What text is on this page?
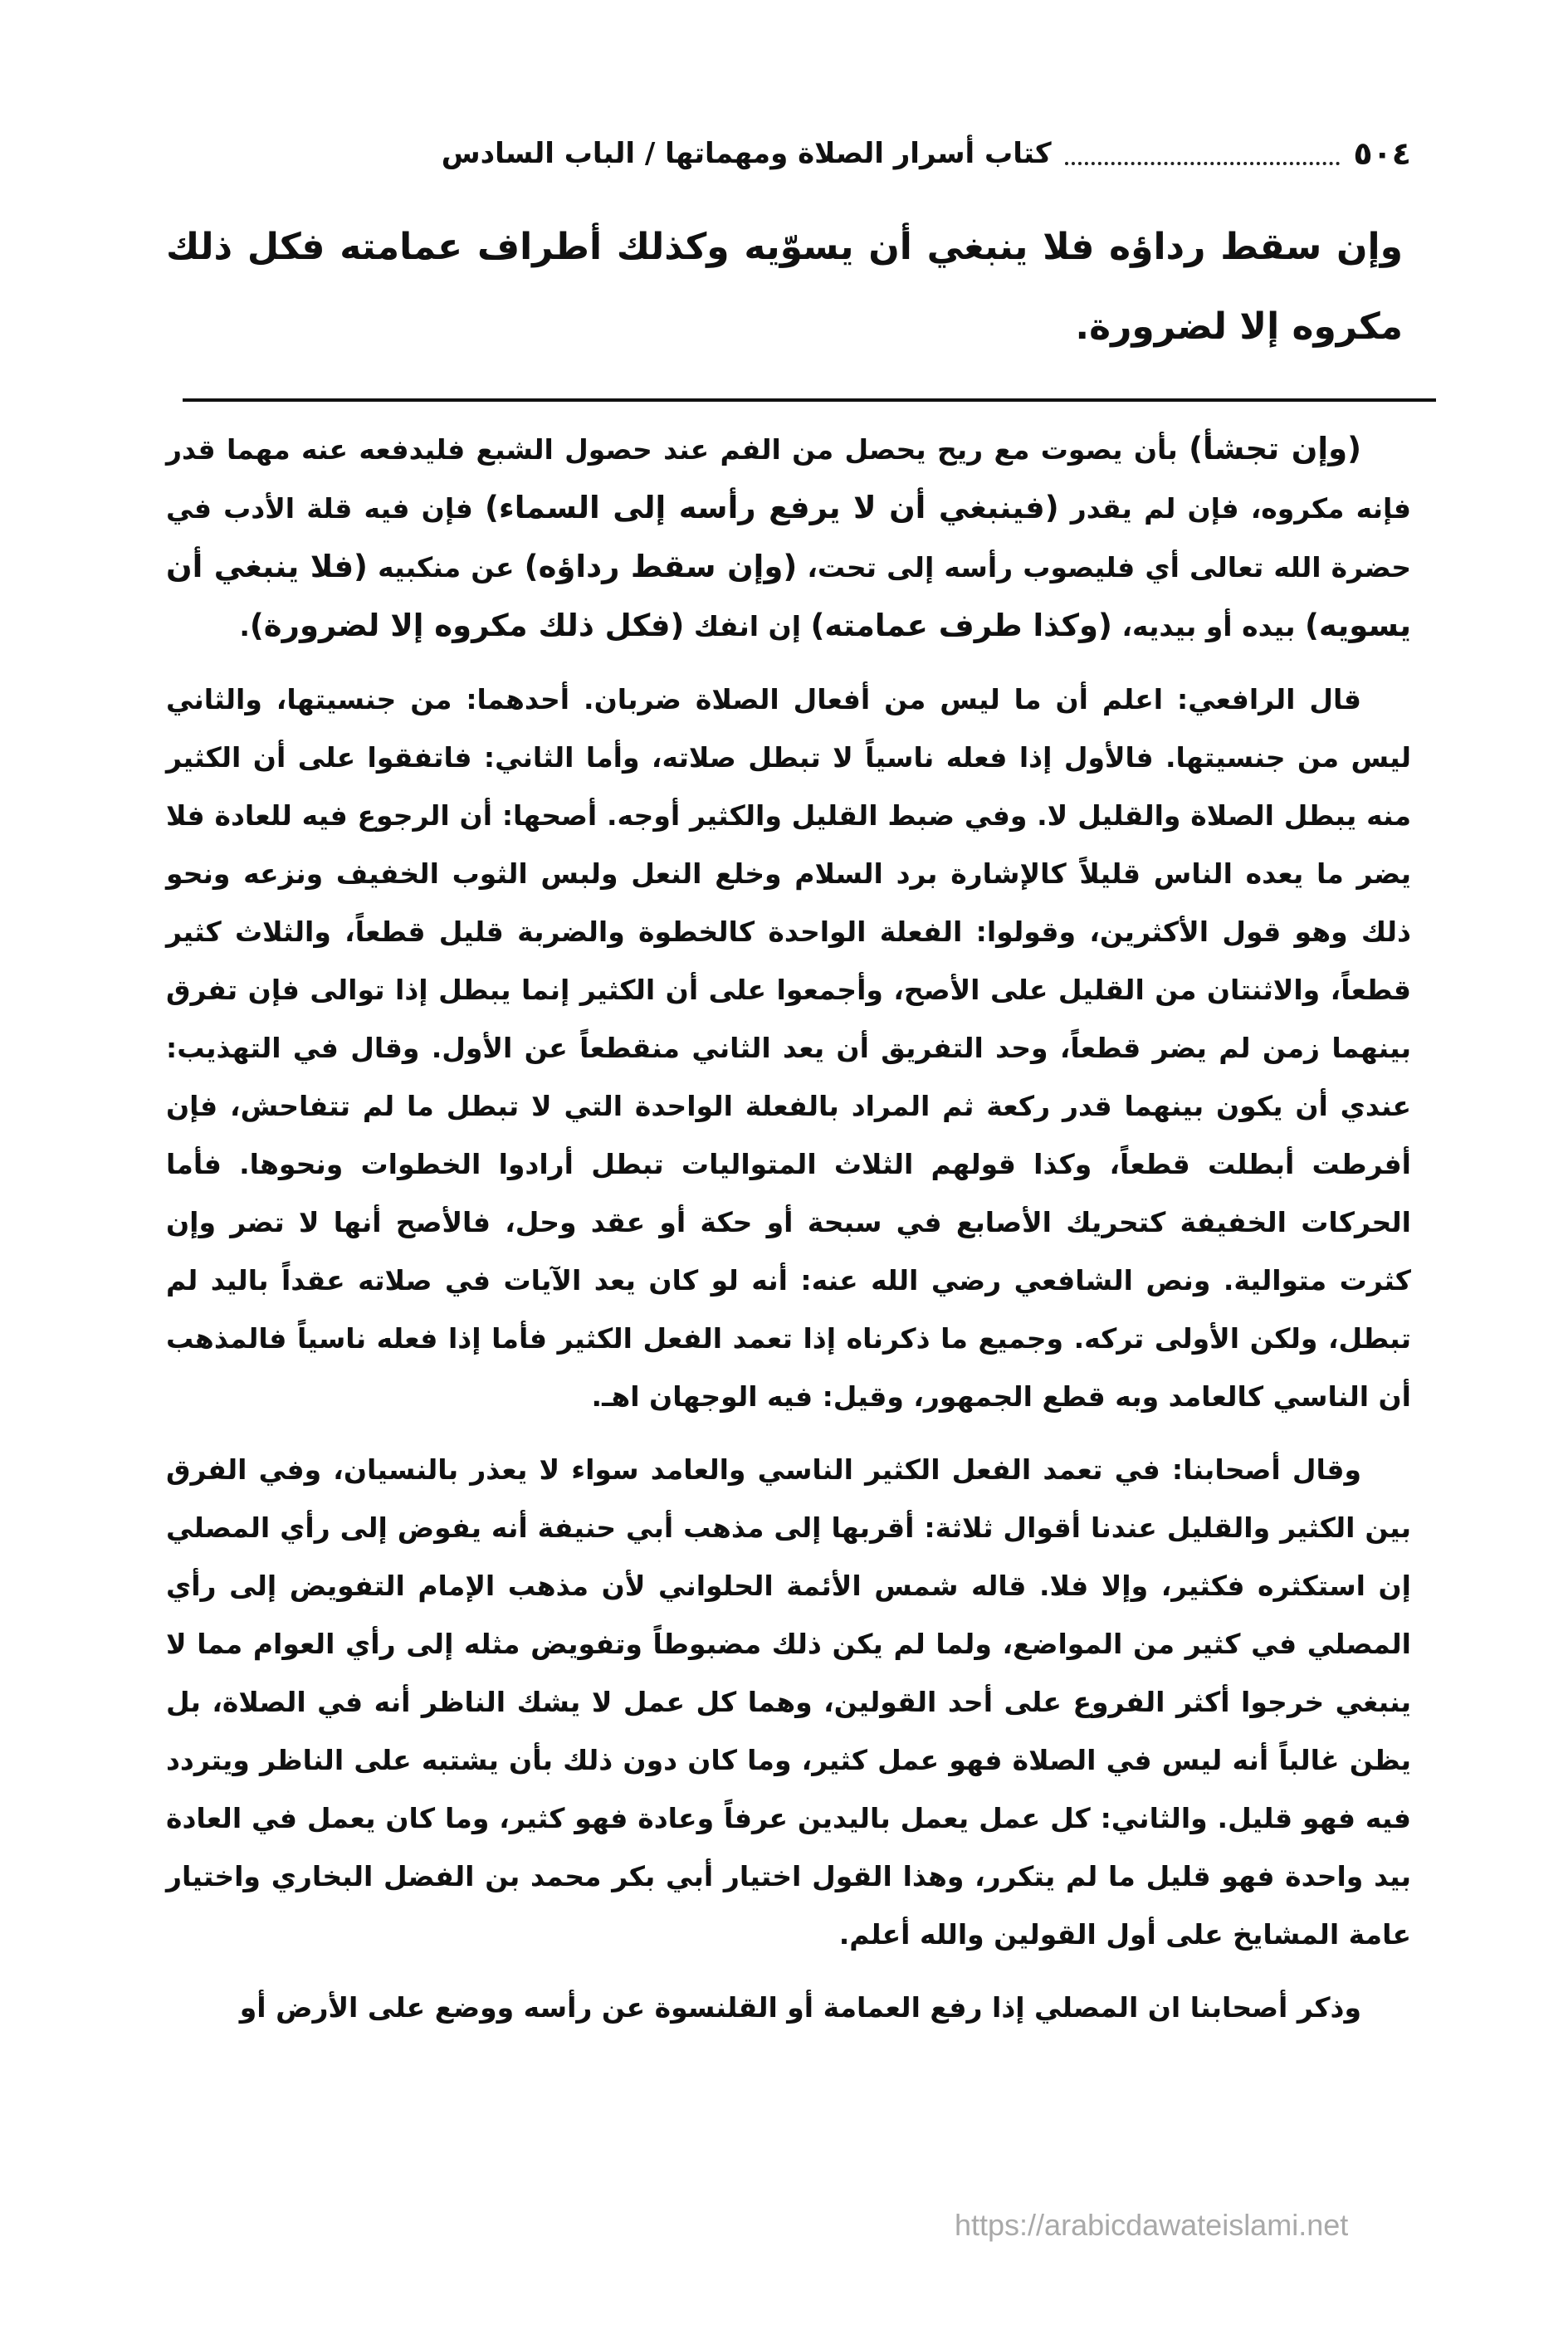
٥٠٤
كتاب أسرار الصلاة ومهماتها / الباب السادس
وإن سقط رداؤه فلا ينبغي أن يسوّيه وكذلك أطراف عمامته فكل ذلك مكروه إلا لضرورة.

(وإن تجشأ) بأن يصوت مع ريح يحصل من الفم عند حصول الشبع فليدفعه عنه مهما قدر فإنه مكروه، فإن لم يقدر (فينبغي أن لا يرفع رأسه إلى السماء) فإن فيه قلة الأدب في حضرة الله تعالى أي فليصوب رأسه إلى تحت، (وإن سقط رداؤه) عن منكبيه (فلا ينبغي أن يسويه) بيده أو بيديه، (وكذا طرف عمامته) إن انفك (فكل ذلك مكروه إلا لضرورة).

قال الرافعي: اعلم أن ما ليس من أفعال الصلاة ضربان. أحدهما: من جنسيتها، والثاني ليس من جنسيتها. فالأول إذا فعله ناسياً لا تبطل صلاته، وأما الثاني: فاتفقوا على أن الكثير منه يبطل الصلاة والقليل لا. وفي ضبط القليل والكثير أوجه. أصحها: أن الرجوع فيه للعادة فلا يضر ما يعده الناس قليلاً كالإشارة برد السلام وخلع النعل ولبس الثوب الخفيف ونزعه ونحو ذلك وهو قول الأكثرين، وقولوا: الفعلة الواحدة كالخطوة والضربة قليل قطعاً، والثلاث كثير قطعاً، والاثنتان من القليل على الأصح، وأجمعوا على أن الكثير إنما يبطل إذا توالى فإن تفرق بينهما زمن لم يضر قطعاً، وحد التفريق أن يعد الثاني منقطعاً عن الأول. وقال في التهذيب: عندي أن يكون بينهما قدر ركعة ثم المراد بالفعلة الواحدة التي لا تبطل ما لم تتفاحش، فإن أفرطت أبطلت قطعاً، وكذا قولهم الثلاث المتواليات تبطل أرادوا الخطوات ونحوها. فأما الحركات الخفيفة كتحريك الأصابع في سبحة أو حكة أو عقد وحل، فالأصح أنها لا تضر وإن كثرت متوالية. ونص الشافعي رضي الله عنه: أنه لو كان يعد الآيات في صلاته عقداً باليد لم تبطل، ولكن الأولى تركه. وجميع ما ذكرناه إذا تعمد الفعل الكثير فأما إذا فعله ناسياً فالمذهب أن الناسي كالعامد وبه قطع الجمهور، وقيل: فيه الوجهان اهـ.

وقال أصحابنا: في تعمد الفعل الكثير الناسي والعامد سواء لا يعذر بالنسيان، وفي الفرق بين الكثير والقليل عندنا أقوال ثلاثة: أقربها إلى مذهب أبي حنيفة أنه يفوض إلى رأي المصلي إن استكثره فكثير، وإلا فلا. قاله شمس الأئمة الحلواني لأن مذهب الإمام التفويض إلى رأي المصلي في كثير من المواضع، ولما لم يكن ذلك مضبوطاً وتفويض مثله إلى رأي العوام مما لا ينبغي خرجوا أكثر الفروع على أحد القولين، وهما كل عمل لا يشك الناظر أنه في الصلاة، بل يظن غالباً أنه ليس في الصلاة فهو عمل كثير، وما كان دون ذلك بأن يشتبه على الناظر ويتردد فيه فهو قليل. والثاني: كل عمل يعمل باليدين عرفاً وعادة فهو كثير، وما كان يعمل في العادة بيد واحدة فهو قليل ما لم يتكرر، وهذا القول اختيار أبي بكر محمد بن الفضل البخاري واختيار عامة المشايخ على أول القولين والله أعلم.

وذكر أصحابنا ان المصلي إذا رفع العمامة أو القلنسوة عن رأسه ووضع على الأرض أو

https://arabicdawateislami.net
